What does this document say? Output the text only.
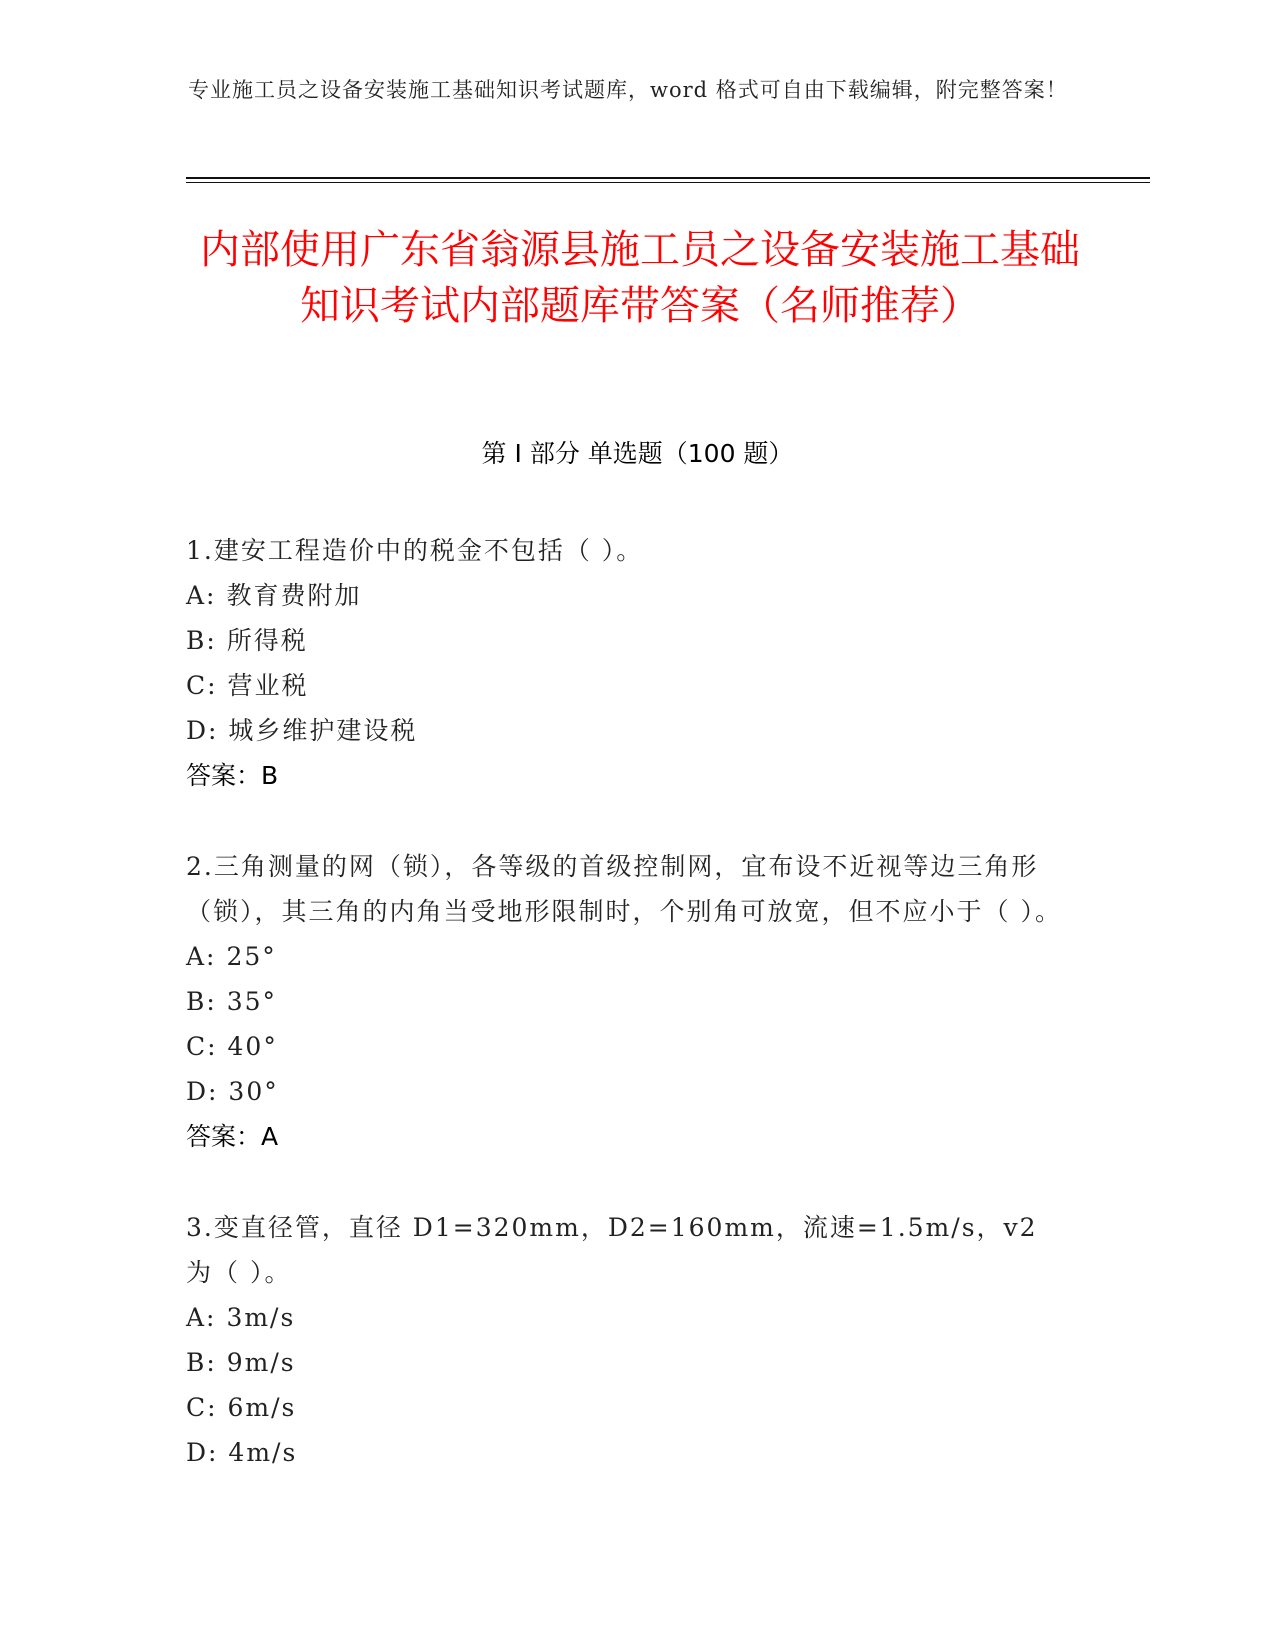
专业施工员之设备安装施工基础知识考试题库，word 格式可自由下载编辑，附完整答案！
内部使用广东省翁源县施工员之设备安装施工基础知识考试内部题库带答案（名师推荐）
第 I 部分 单选题（100 题）

1.建安工程造价中的税金不包括（ ）。

A: 教育费附加

B: 所得税

C: 营业税

D: 城乡维护建设税

答案：B

2.三角测量的网（锁），各等级的首级控制网，宜布设不近视等边三角形（锁），其三角的内角当受地形限制时，个别角可放宽，但不应小于（ ）。

A: 25°

B: 35°

C: 40°

D: 30°

答案：A

3.变直径管，直径 D1=320mm，D2=160mm，流速=1.5m/s，v2 为（ ）。

A: 3m/s

B: 9m/s

C: 6m/s

D: 4m/s
